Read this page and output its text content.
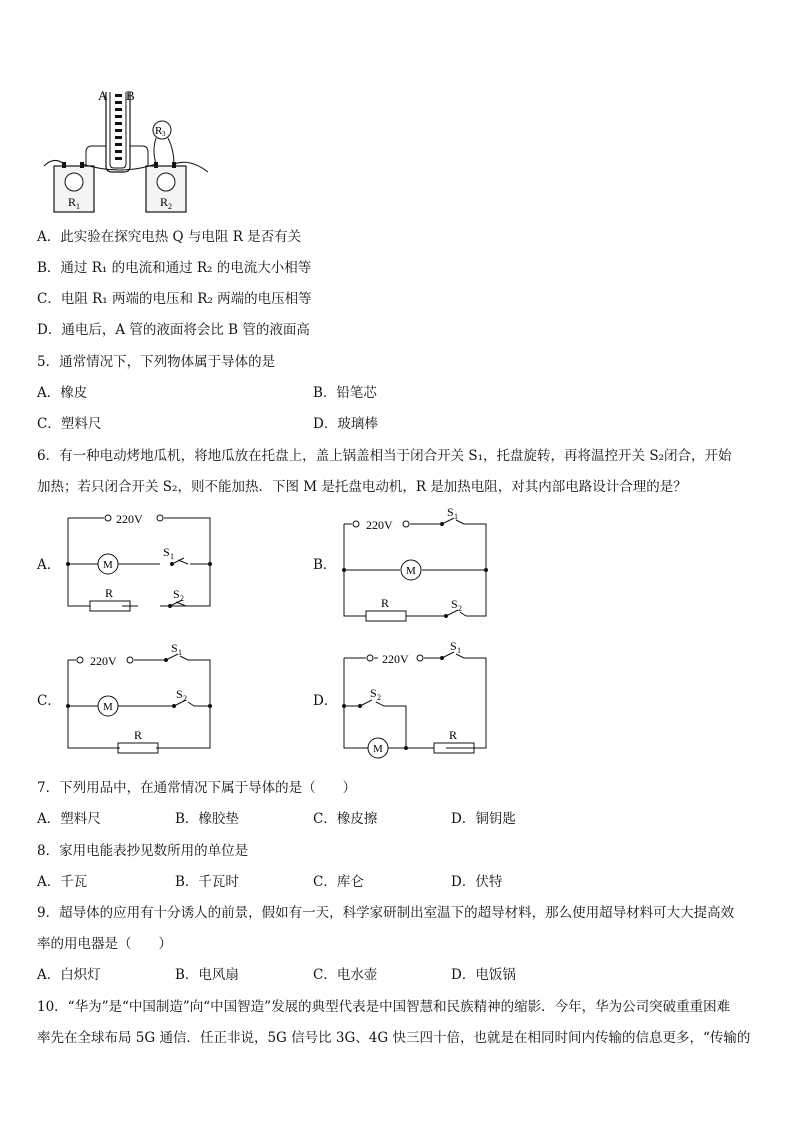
A B
R 1	R 2
R 3
A．此实验在探究电热 Q 与电阻 R 是否有关
B．通过 R₁ 的电流和通过 R₂ 的电流大小相等
C．电阻 R₁ 两端的电压和 R₂ 两端的电压相等
D．通电后，A 管的液面将会比 B 管的液面高
5．通常情况下，下列物体属于导体的是
A．橡皮	B．铅笔芯
C．塑料尺	D．玻璃棒
6．有一种电动烤地瓜机，将地瓜放在托盘上，盖上锅盖相当于闭合开关 S₁，托盘旋转，再将温控开关 S₂闭合，开始
加热；若只闭合开关 S₂，则不能加热．下图 M 是托盘电动机，R 是加热电阻，对其内部电路设计合理的是？
A．	B．
C．	D．
220V
M
R
S 1
S 2
220V
M
R
S 1
S 2
220V
M
R
S 1
S 2
220V
M
R
S 1
S 2
7．下列用品中，在通常情况下属于导体的是（　　）
A．塑料尺	B．橡胶垫	C．橡皮擦	D．铜钥匙
8．家用电能表抄见数所用的单位是
A．千瓦	B．千瓦时	C．库仑	D．伏特
9．超导体的应用有十分诱人的前景，假如有一天，科学家研制出室温下的超导材料，那么使用超导材料可大大提高效
率的用电器是（　　）
A．白炽灯	B．电风扇	C．电水壶	D．电饭锅
10．“华为”是“中国制造”向“中国智造”发展的典型代表是中国智慧和民族精神的缩影．今年，华为公司突破重重困难
率先在全球布局 5G 通信．任正非说，5G 信号比 3G、4G 快三四十倍，也就是在相同时间内传输的信息更多，“传输的
